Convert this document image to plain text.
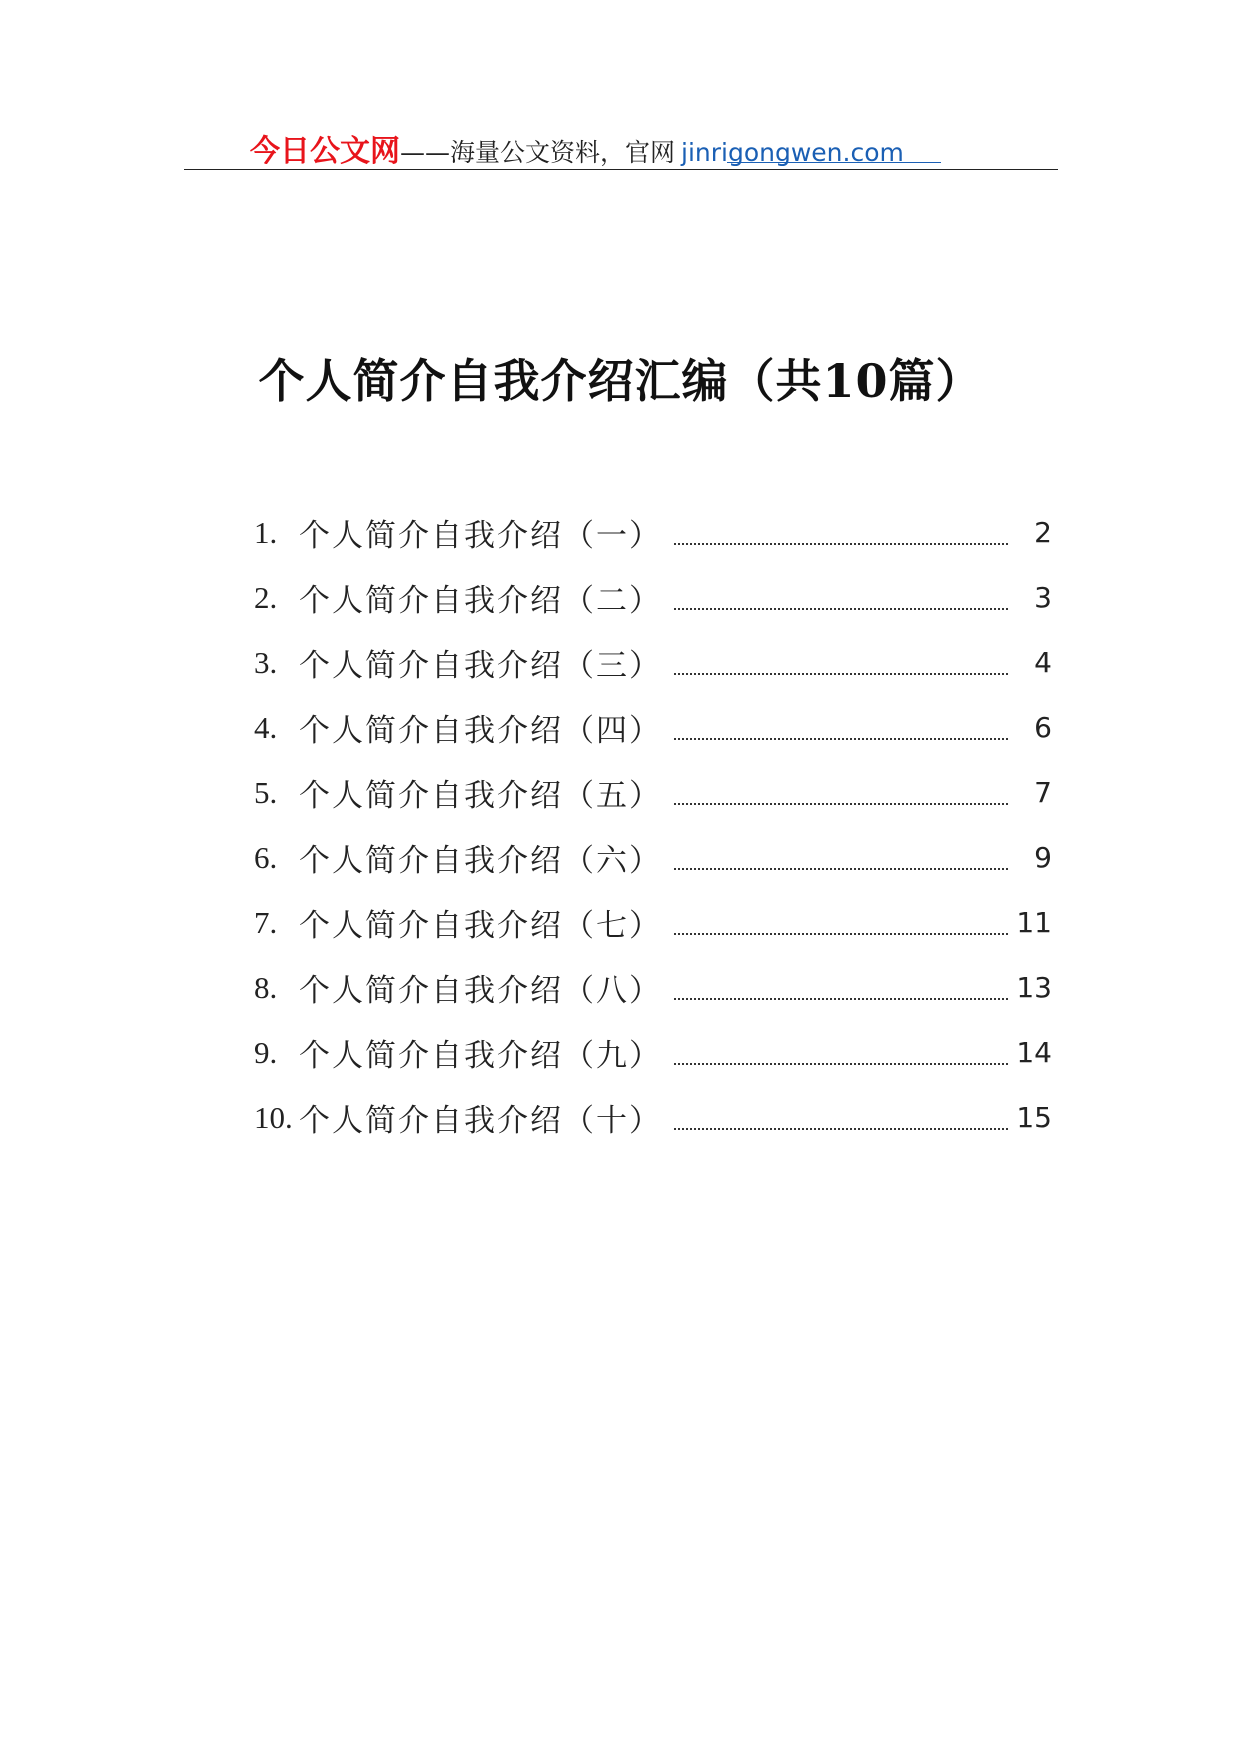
今日公文网 —— 海量公文资料，官网 jinrigongwen.com
个人简介自我介绍汇编（共10篇）
1. 个人简介自我介绍（一）	2
2. 个人简介自我介绍（二）	3
3. 个人简介自我介绍（三）	4
4. 个人简介自我介绍（四）	6
5. 个人简介自我介绍（五）	7
6. 个人简介自我介绍（六）	9
7. 个人简介自我介绍（七）	11
8. 个人简介自我介绍（八）	13
9. 个人简介自我介绍（九）	14
10. 个人简介自我介绍（十）	15
